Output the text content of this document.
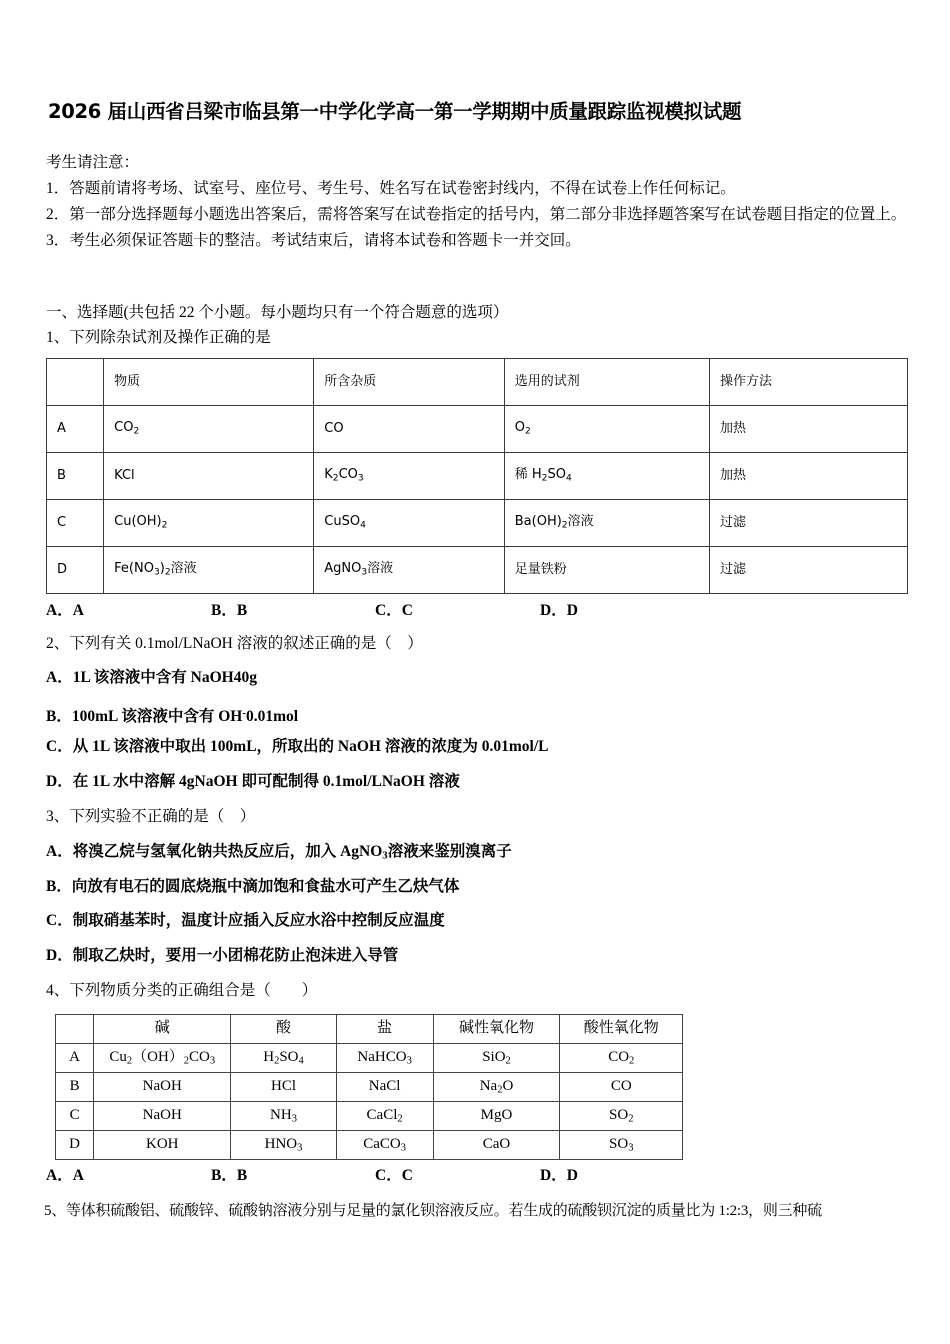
2026 届山西省吕梁市临县第一中学化学高一第一学期期中质量跟踪监视模拟试题
考生请注意：
1．答题前请将考场、试室号、座位号、考生号、姓名写在试卷密封线内，不得在试卷上作任何标记。
2．第一部分选择题每小题选出答案后，需将答案写在试卷指定的括号内，第二部分非选择题答案写在试卷题目指定的位置上。
3．考生必须保证答题卡的整洁。考试结束后，请将本试卷和答题卡一并交回。
一、选择题(共包括 22 个小题。每小题均只有一个符合题意的选项）
1、下列除杂试剂及操作正确的是
	物质	所含杂质	选用的试剂	操作方法
A	$CO_2$	CO	$O_2$	加热
B	KCl	$K_2CO_3$	稀 $H_2SO_4$	加热
C	$Cu(OH)_2$	CuSO$_4$	$Ba(OH)_2$溶液	过滤
D	$Fe(NO_3)_2$溶液	AgNO$_3$溶液	足量铁粉	过滤
A．A	B．B	C．C	D．D
2、下列有关 0.1mol/LNaOH 溶液的叙述正确的是（　）
A．1L 该溶液中含有 NaOH40g
B．100mL 该溶液中含有 OH-0.01mol
C．从 1L 该溶液中取出 100mL，所取出的 NaOH 溶液的浓度为 0.01mol/L
D．在 1L 水中溶解 4gNaOH 即可配制得 0.1mol/LNaOH 溶液
3、下列实验不正确的是（　）
A．将溴乙烷与氢氧化钠共热反应后，加入 AgNO$_3$溶液来鉴别溴离子
B．向放有电石的圆底烧瓶中滴加饱和食盐水可产生乙炔气体
C．制取硝基苯时，温度计应插入反应水浴中控制反应温度
D．制取乙炔时，要用一小团棉花防止泡沫进入导管
4、下列物质分类的正确组合是（　　）
	碱	酸	盐	碱性氧化物	酸性氧化物
A	$Cu_2(OH)_2CO_3$	$H_2SO_4$	NaHCO$_3$	SiO$_2$	$CO_2$
B	NaOH	HCl	NaCl	$Na_2O$	CO
C	NaOH	$NH_3$	CaCl$_2$	MgO	$SO_2$
D	KOH	$HNO_3$	CaCO$_3$	CaO	$SO_3$
A．A	B．B	C．C	D．D
5、等体积硫酸铝、硫酸锌、硫酸钠溶液分别与足量的氯化钡溶液反应。若生成的硫酸钡沉淀的质量比为 1:2:3，则三种硫
